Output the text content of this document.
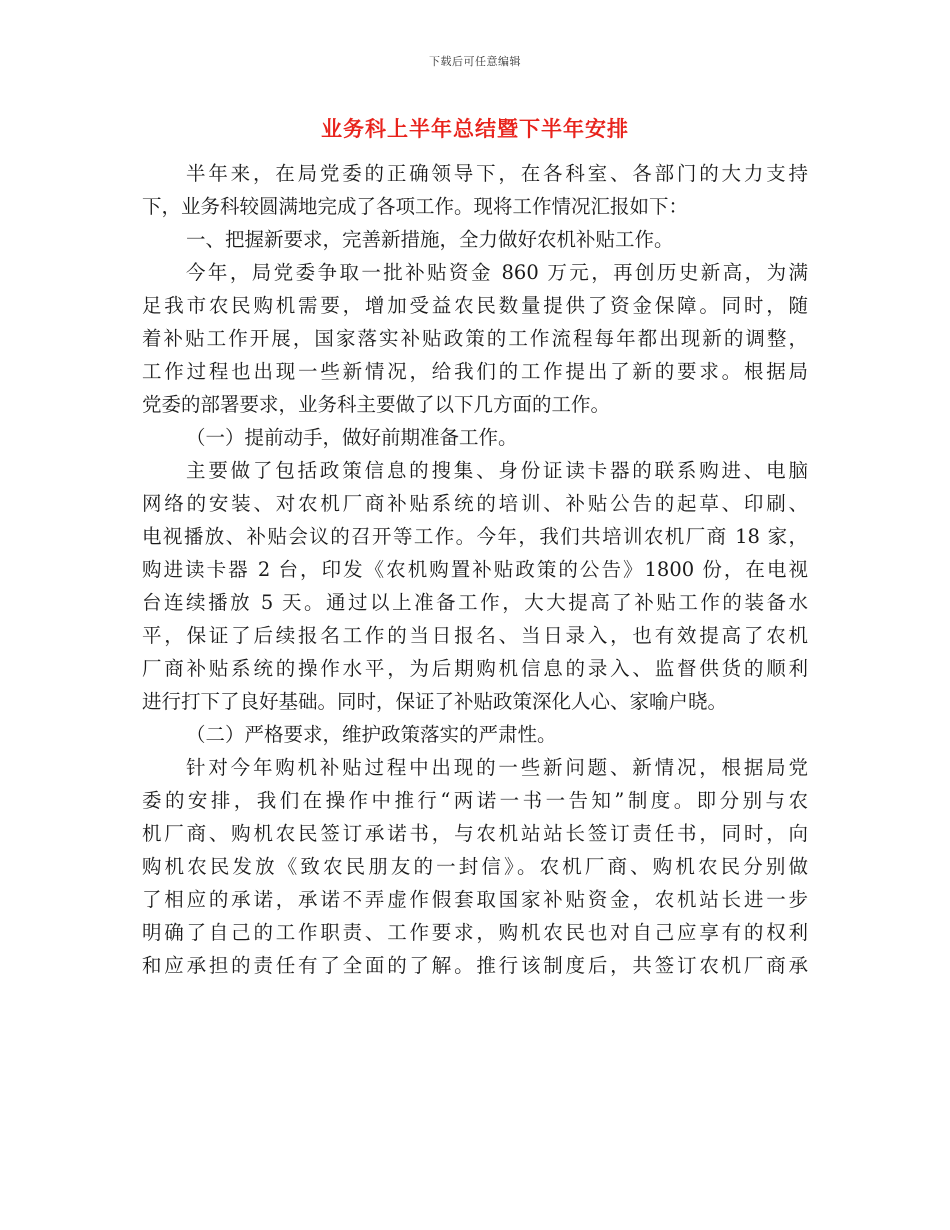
下载后可任意编辑
业务科上半年总结暨下半年安排
半年来，在局党委的正确领导下，在各科室、各部门的大力支持
下，业务科较圆满地完成了各项工作。现将工作情况汇报如下：
一、把握新要求，完善新措施，全力做好农机补贴工作。
今年，局党委争取一批补贴资金 860 万元，再创历史新高，为满
足我市农民购机需要，增加受益农民数量提供了资金保障。同时，随
着补贴工作开展，国家落实补贴政策的工作流程每年都出现新的调整，
工作过程也出现一些新情况，给我们的工作提出了新的要求。根据局
党委的部署要求，业务科主要做了以下几方面的工作。
（一）提前动手，做好前期准备工作。
主要做了包括政策信息的搜集、身份证读卡器的联系购进、电脑
网络的安装、对农机厂商补贴系统的培训、补贴公告的起草、印刷、
电视播放、补贴会议的召开等工作。今年，我们共培训农机厂商 18 家，
购进读卡器 2 台，印发《农机购置补贴政策的公告》1800 份，在电视
台连续播放 5 天。通过以上准备工作，大大提高了补贴工作的装备水
平，保证了后续报名工作的当日报名、当日录入，也有效提高了农机
厂商补贴系统的操作水平，为后期购机信息的录入、监督供货的顺利
进行打下了良好基础。同时，保证了补贴政策深化人心、家喻户晓。
（二）严格要求，维护政策落实的严肃性。
针对今年购机补贴过程中出现的一些新问题、新情况，根据局党
委的安排，我们在操作中推行“两诺一书一告知”制度。即分别与农
机厂商、购机农民签订承诺书，与农机站站长签订责任书，同时，向
购机农民发放《致农民朋友的一封信》。农机厂商、购机农民分别做
了相应的承诺，承诺不弄虚作假套取国家补贴资金，农机站长进一步
明确了自己的工作职责、工作要求，购机农民也对自己应享有的权利
和应承担的责任有了全面的了解。推行该制度后，共签订农机厂商承
